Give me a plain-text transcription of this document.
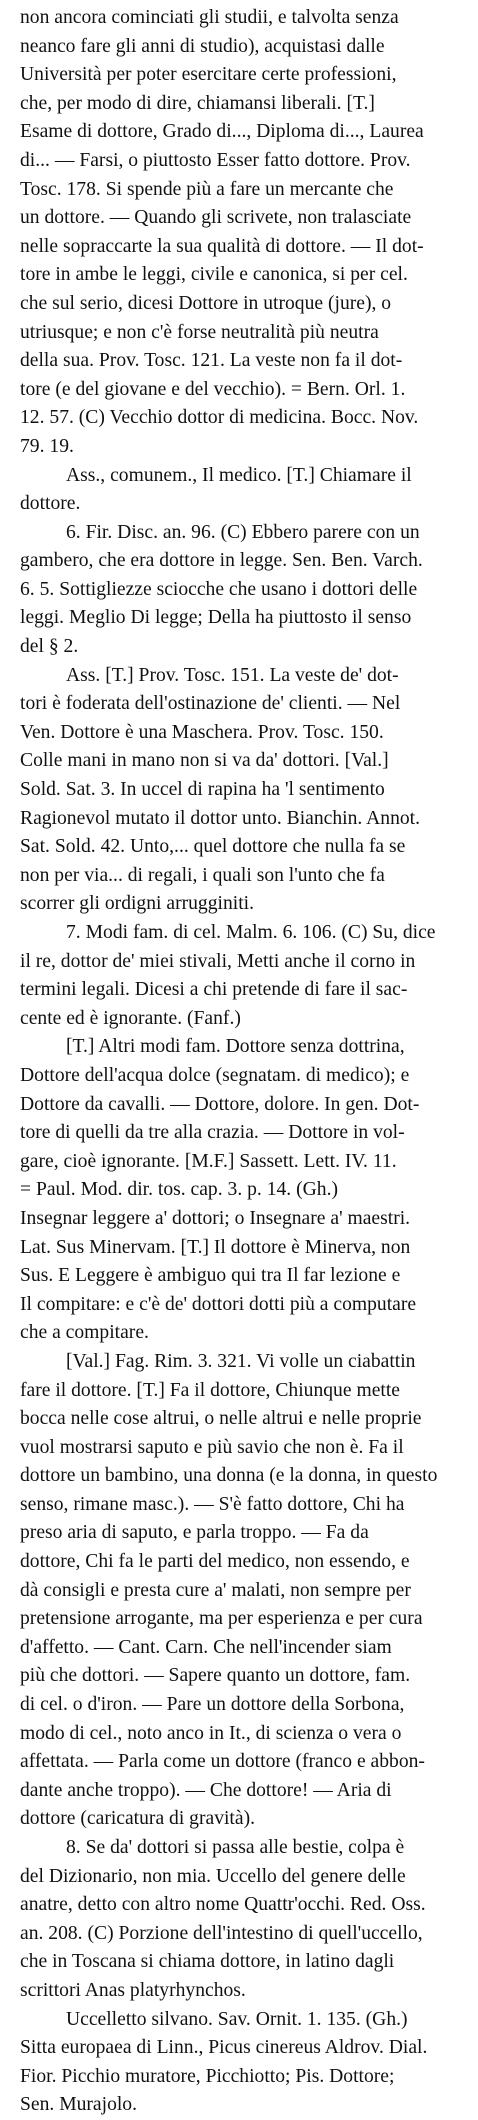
non ancora cominciati gli studii, e talvolta senza
neanco fare gli anni di studio), acquistasi dalle
Università per poter esercitare certe professioni,
che, per modo di dire, chiamansi liberali. [T.]
Esame di dottore, Grado di..., Diploma di..., Laurea
di... — Farsi, o piuttosto Esser fatto dottore. Prov.
Tosc. 178. Si spende più a fare un mercante che
un dottore. — Quando gli scrivete, non tralasciate
nelle sopraccarte la sua qualità di dottore. — Il dot-
tore in ambe le leggi, civile e canonica, si per cel.
che sul serio, dicesi Dottore in utroque (jure), o
utriusque; e non c'è forse neutralità più neutra
della sua. Prov. Tosc. 121. La veste non fa il dot-
tore (e del giovane e del vecchio). = Bern. Orl. 1.
12. 57. (C) Vecchio dottor di medicina. Bocc. Nov.
79. 19.
Ass., comunem., Il medico. [T.] Chiamare il
dottore.
6. Fir. Disc. an. 96. (C) Ebbero parere con un
gambero, che era dottore in legge. Sen. Ben. Varch.
6. 5. Sottigliezze sciocche che usano i dottori delle
leggi. Meglio Di legge; Della ha piuttosto il senso
del § 2.
Ass. [T.] Prov. Tosc. 151. La veste de' dot-
tori è foderata dell'ostinazione de' clienti. — Nel
Ven. Dottore è una Maschera. Prov. Tosc. 150.
Colle mani in mano non si va da' dottori. [Val.]
Sold. Sat. 3. In uccel di rapina ha 'l sentimento
Ragionevol mutato il dottor unto. Bianchin. Annot.
Sat. Sold. 42. Unto,... quel dottore che nulla fa se
non per via... di regali, i quali son l'unto che fa
scorrer gli ordigni arrugginiti.
7. Modi fam. di cel. Malm. 6. 106. (C) Su, dice
il re, dottor de' miei stivali, Metti anche il corno in
termini legali. Dicesi a chi pretende di fare il sac-
cente ed è ignorante. (Fanf.)
[T.] Altri modi fam. Dottore senza dottrina,
Dottore dell'acqua dolce (segnatam. di medico); e
Dottore da cavalli. — Dottore, dolore. In gen. Dot-
tore di quelli da tre alla crazia. — Dottore in vol-
gare, cioè ignorante. [M.F.] Sassett. Lett. IV. 11.
= Paul. Mod. dir. tos. cap. 3. p. 14. (Gh.)
Insegnar leggere a' dottori; o Insegnare a' maestri.
Lat. Sus Minervam. [T.] Il dottore è Minerva, non
Sus. E Leggere è ambiguo qui tra Il far lezione e
Il compitare: e c'è de' dottori dotti più a computare
che a compitare.
[Val.] Fag. Rim. 3. 321. Vi volle un ciabattin
fare il dottore. [T.] Fa il dottore, Chiunque mette
bocca nelle cose altrui, o nelle altrui e nelle proprie
vuol mostrarsi saputo e più savio che non è. Fa il
dottore un bambino, una donna (e la donna, in questo
senso, rimane masc.). — S'è fatto dottore, Chi ha
preso aria di saputo, e parla troppo. — Fa da
dottore, Chi fa le parti del medico, non essendo, e
dà consigli e presta cure a' malati, non sempre per
pretensione arrogante, ma per esperienza e per cura
d'affetto. — Cant. Carn. Che nell'incender siam
più che dottori. — Sapere quanto un dottore, fam.
di cel. o d'iron. — Pare un dottore della Sorbona,
modo di cel., noto anco in It., di scienza o vera o
affettata. — Parla come un dottore (franco e abbon-
dante anche troppo). — Che dottore! — Aria di
dottore (caricatura di gravità).
8. Se da' dottori si passa alle bestie, colpa è
del Dizionario, non mia. Uccello del genere delle
anatre, detto con altro nome Quattr'occhi. Red. Oss.
an. 208. (C) Porzione dell'intestino di quell'uccello,
che in Toscana si chiama dottore, in latino dagli
scrittori Anas platyrhynchos.
Uccelletto silvano. Sav. Ornit. 1. 135. (Gh.)
Sitta europaea di Linn., Picus cinereus Aldrov. Dial.
Fior. Picchio muratore, Picchiotto; Pis. Dottore;
Sen. Murajolo.
